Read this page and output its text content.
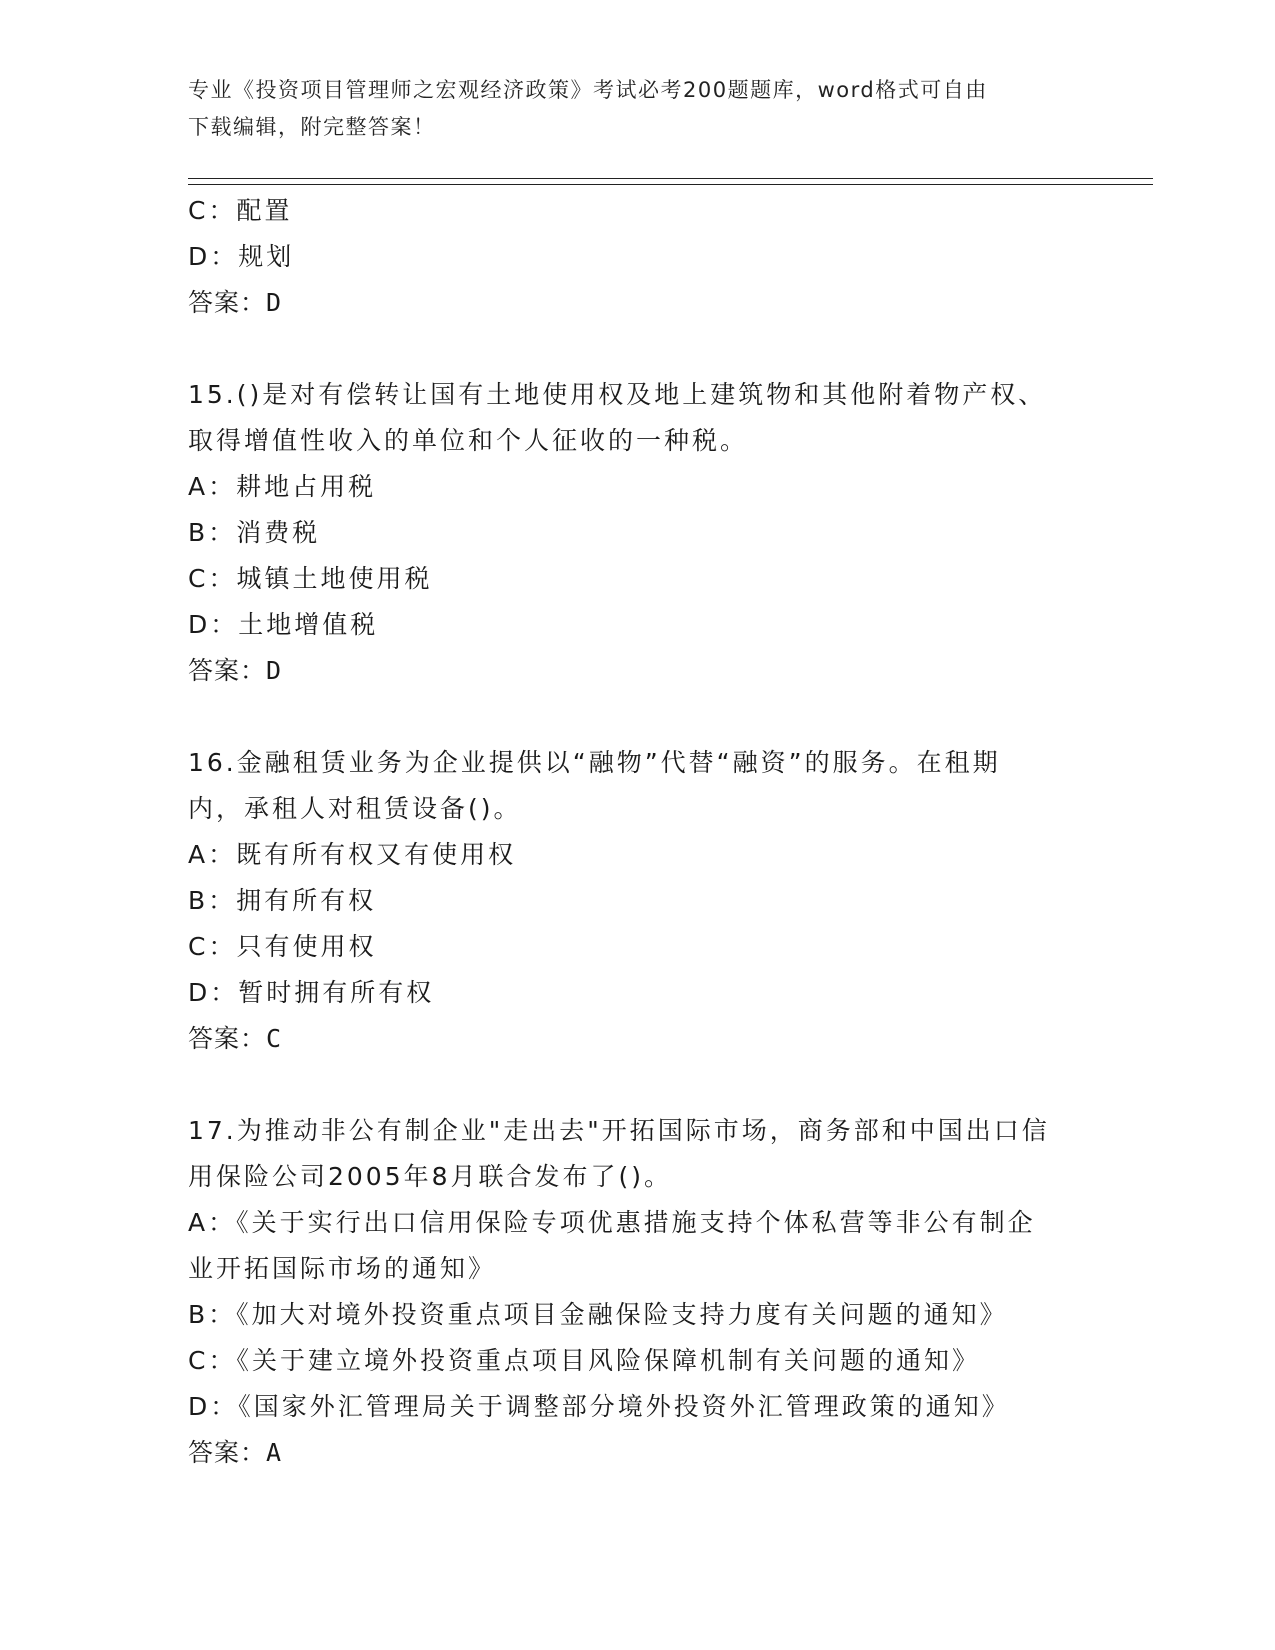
专业《投资项目管理师之宏观经济政策》考试必考200题题库，word格式可自由
下载编辑，附完整答案！
C：配置
D：规划
答案：D
15.()是对有偿转让国有土地使用权及地上建筑物和其他附着物产权、
取得增值性收入的单位和个人征收的一种税。
A：耕地占用税
B：消费税
C：城镇土地使用税
D：土地增值税
答案：D
16.金融租赁业务为企业提供以“融物”代替“融资”的服务。在租期
内，承租人对租赁设备()。
A：既有所有权又有使用权
B：拥有所有权
C：只有使用权
D：暂时拥有所有权
答案：C
17.为推动非公有制企业"走出去"开拓国际市场，商务部和中国出口信
用保险公司2005年8月联合发布了()。
A：《关于实行出口信用保险专项优惠措施支持个体私营等非公有制企
业开拓国际市场的通知》
B：《加大对境外投资重点项目金融保险支持力度有关问题的通知》
C：《关于建立境外投资重点项目风险保障机制有关问题的通知》
D：《国家外汇管理局关于调整部分境外投资外汇管理政策的通知》
答案：A
